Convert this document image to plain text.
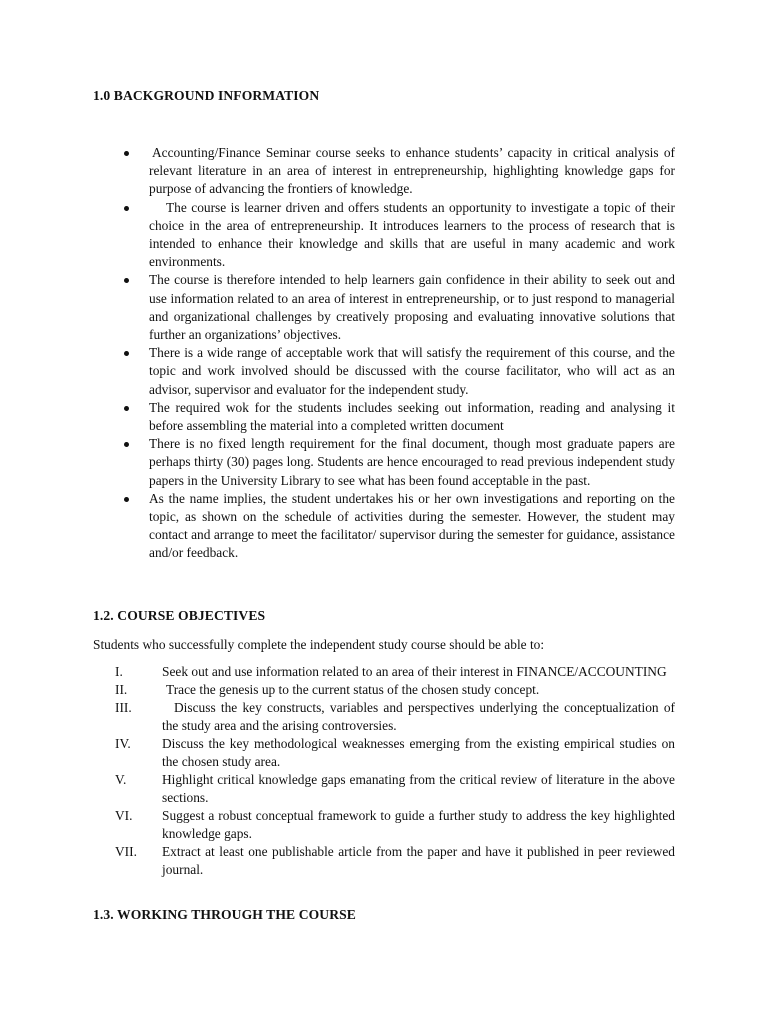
1.0 BACKGROUND INFORMATION
Accounting/Finance Seminar course seeks to enhance students’ capacity in critical analysis of relevant literature in an area of interest in entrepreneurship, highlighting knowledge gaps for purpose of advancing the frontiers of knowledge.
The course is learner driven and offers students an opportunity to investigate a topic of their choice in the area of entrepreneurship. It introduces learners to the process of research that is intended to enhance their knowledge and skills that are useful in many academic and work environments.
The course is therefore intended to help learners gain confidence in their ability to seek out and use information related to an area of interest in entrepreneurship, or to just respond to managerial and organizational challenges by creatively proposing and evaluating innovative solutions that further an organizations’ objectives.
There is a wide range of acceptable work that will satisfy the requirement of this course, and the topic and work involved should be discussed with the course facilitator, who will act as an advisor, supervisor and evaluator for the independent study.
The required wok for the students includes seeking out information, reading and analysing it before assembling the material into a completed written document
There is no fixed length requirement for the final document, though most graduate papers are perhaps thirty (30) pages long. Students are hence encouraged to read previous independent study papers in the University Library to see what has been found acceptable in the past.
As the name implies, the student undertakes his or her own investigations and reporting on the topic, as shown on the schedule of activities during the semester. However, the student may contact and arrange to meet the facilitator/ supervisor during the semester for guidance, assistance and/or feedback.
1.2. COURSE OBJECTIVES

Students who successfully complete the independent study course should be able to:

I.	Seek out and use information related to an area of their interest in FINANCE/ACCOUNTING
II.	Trace the genesis up to the current status of the chosen study concept.
III.	Discuss the key constructs, variables and perspectives underlying the conceptualization of the study area and the arising controversies.
IV. Discuss the key methodological weaknesses emerging from the existing empirical studies on the chosen study area.
V.	Highlight critical knowledge gaps emanating from the critical review of literature in the above sections.
VI. Suggest a robust conceptual framework to guide a further study to address the key highlighted knowledge gaps.
VII. Extract at least one publishable article from the paper and have it published in peer reviewed journal.
1.3. WORKING THROUGH THE COURSE
